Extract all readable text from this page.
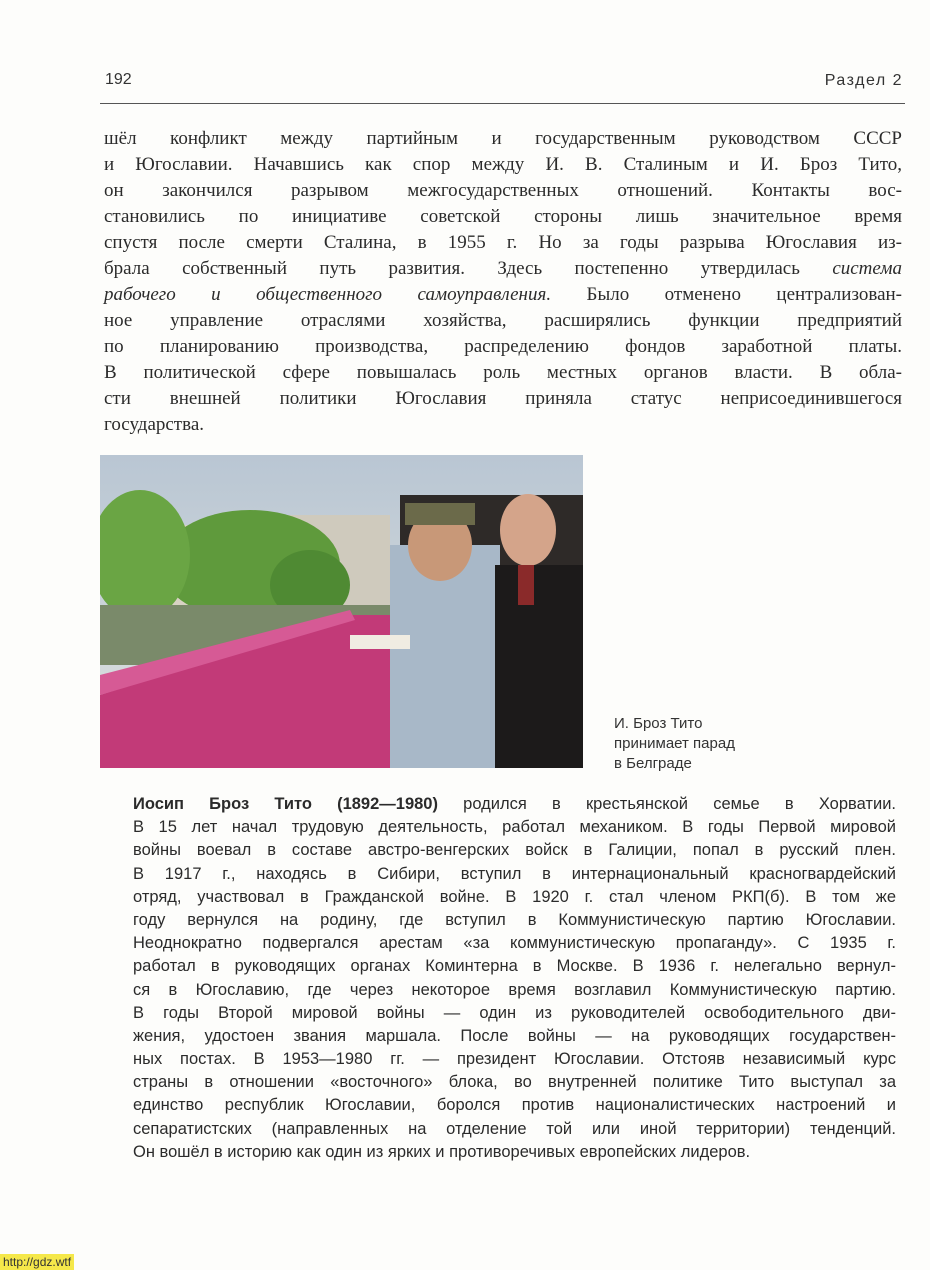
192	Раздел 2
шёл конфликт между партийным и государственным руководством СССР
и Югославии. Начавшись как спор между И. В. Сталиным и И. Броз Тито,
он закончился разрывом межгосударственных отношений. Контакты вос-
становились по инициативе советской стороны лишь значительное время
спустя после смерти Сталина, в 1955 г. Но за годы разрыва Югославия из-
брала собственный путь развития. Здесь постепенно утвердилась система
рабочего и общественного самоуправления. Было отменено централизован-
ное управление отраслями хозяйства, расширялись функции предприятий
по планированию производства, распределению фондов заработной платы.
В политической сфере повышалась роль местных органов власти. В обла-
сти внешней политики Югославия приняла статус неприсоединившегося
государства.
И. Броз Тито
принимает парад
в Белграде
Иосип Броз Тито (1892—1980) родился в крестьянской семье в Хорватии.
В 15 лет начал трудовую деятельность, работал механиком. В годы Первой мировой
войны воевал в составе австро-венгерских войск в Галиции, попал в русский плен.
В 1917 г., находясь в Сибири, вступил в интернациональный красногвардейский
отряд, участвовал в Гражданской войне. В 1920 г. стал членом РКП(б). В том же
году вернулся на родину, где вступил в Коммунистическую партию Югославии.
Неоднократно подвергался арестам «за коммунистическую пропаганду». С 1935 г.
работал в руководящих органах Коминтерна в Москве. В 1936 г. нелегально вернул-
ся в Югославию, где через некоторое время возглавил Коммунистическую партию.
В годы Второй мировой войны — один из руководителей освободительного дви-
жения, удостоен звания маршала. После войны — на руководящих государствен-
ных постах. В 1953—1980 гг. — президент Югославии. Отстояв независимый курс
страны в отношении «восточного» блока, во внутренней политике Тито выступал за
единство республик Югославии, боролся против националистических настроений и
сепаратистских (направленных на отделение той или иной территории) тенденций.
Он вошёл в историю как один из ярких и противоречивых европейских лидеров.
http://gdz.wtf
